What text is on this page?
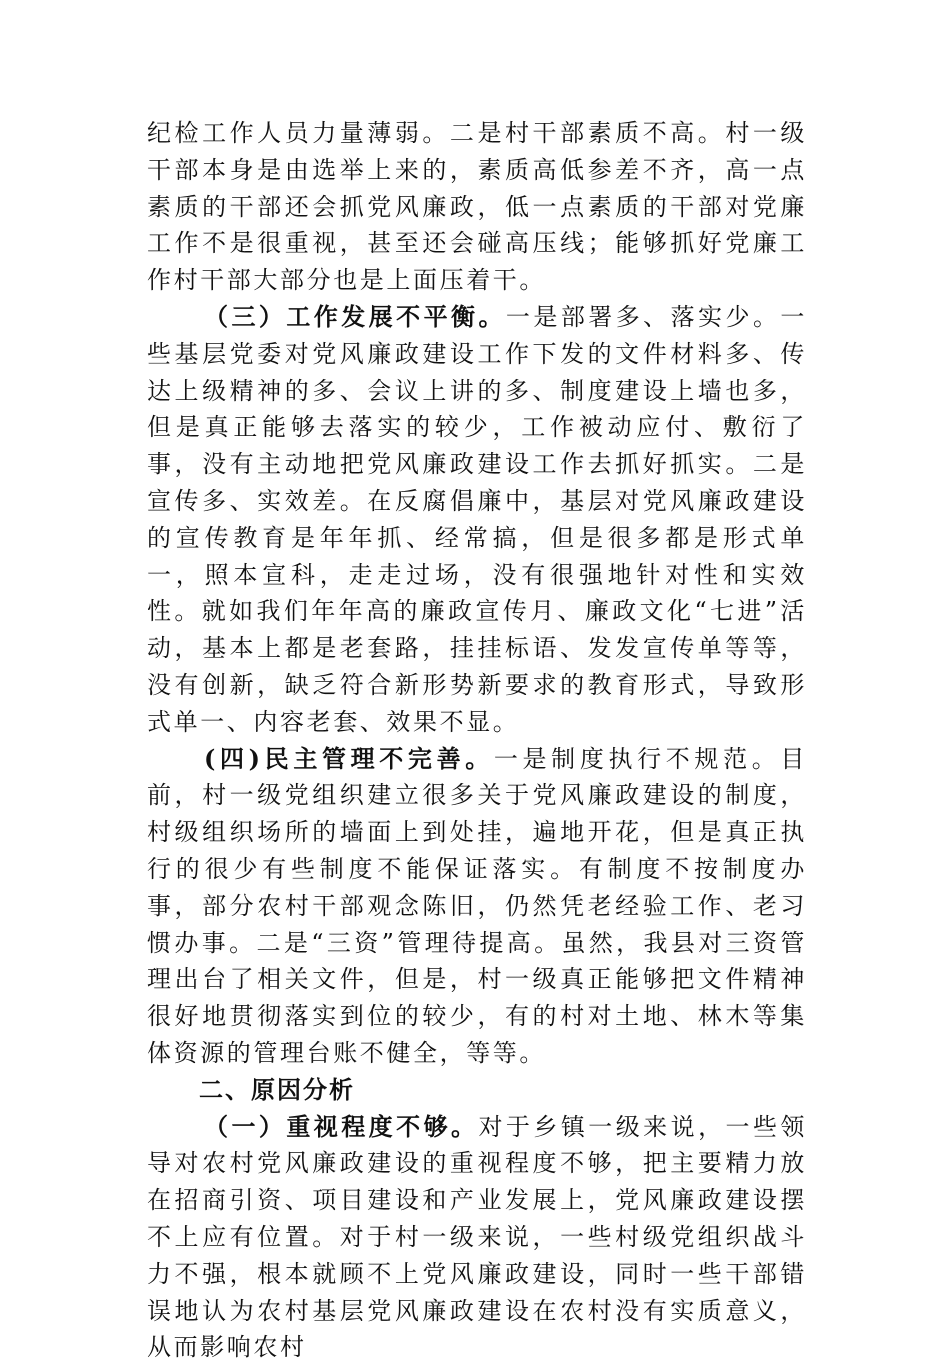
纪检工作人员力量薄弱。二是村干部素质不高。村一级干部本身是由选举上来的，素质高低参差不齐，高一点素质的干部还会抓党风廉政，低一点素质的干部对党廉工作不是很重视，甚至还会碰高压线；能够抓好党廉工作村干部大部分也是上面压着干。

（三）工作发展不平衡。一是部署多、落实少。一些基层党委对党风廉政建设工作下发的文件材料多、传达上级精神的多、会议上讲的多、制度建设上墙也多，但是真正能够去落实的较少，工作被动应付、敷衍了事，没有主动地把党风廉政建设工作去抓好抓实。二是宣传多、实效差。在反腐倡廉中，基层对党风廉政建设的宣传教育是年年抓、经常搞，但是很多都是形式单一，照本宣科，走走过场，没有很强地针对性和实效性。就如我们年年高的廉政宣传月、廉政文化“七进”活动，基本上都是老套路，挂挂标语、发发宣传单等等，没有创新，缺乏符合新形势新要求的教育形式，导致形式单一、内容老套、效果不显。

(四)民主管理不完善。一是制度执行不规范。目前，村一级党组织建立很多关于党风廉政建设的制度，村级组织场所的墙面上到处挂，遍地开花，但是真正执行的很少有些制度不能保证落实。有制度不按制度办事，部分农村干部观念陈旧，仍然凭老经验工作、老习惯办事。二是“三资”管理待提高。虽然，我县对三资管理出台了相关文件，但是，村一级真正能够把文件精神很好地贯彻落实到位的较少，有的村对土地、林木等集体资源的管理台账不健全，等等。

二、原因分析

（一）重视程度不够。对于乡镇一级来说，一些领导对农村党风廉政建设的重视程度不够，把主要精力放在招商引资、项目建设和产业发展上，党风廉政建设摆不上应有位置。对于村一级来说，一些村级党组织战斗力不强，根本就顾不上党风廉政建设，同时一些干部错误地认为农村基层党风廉政建设在农村没有实质意义，从而影响农村
